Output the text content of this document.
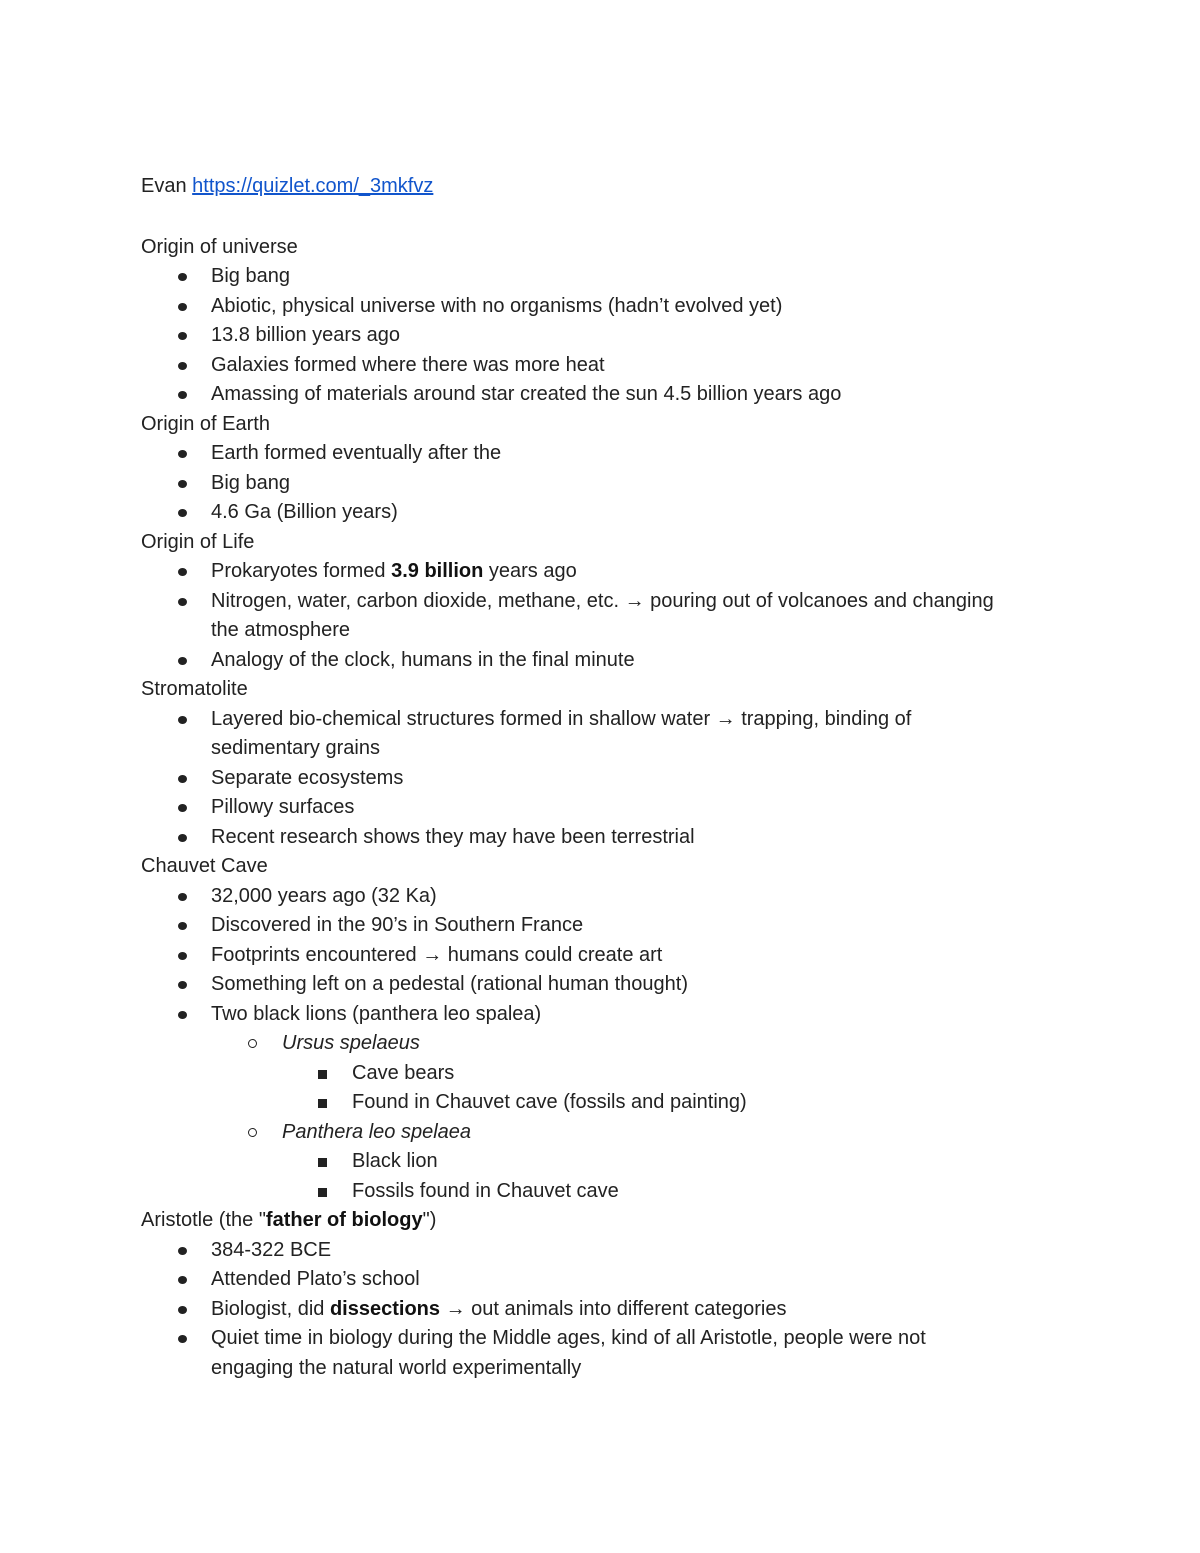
Evan https://quizlet.com/_3mkfvz
Origin of universe
Big bang
Abiotic, physical universe with no organisms (hadn’t evolved yet)
13.8 billion years ago
Galaxies formed where there was more heat
Amassing of materials around star created the sun 4.5 billion years ago
Origin of Earth
Earth formed eventually after the
Big bang
4.6 Ga (Billion years)
Origin of Life
Prokaryotes formed 3.9 billion years ago
Nitrogen, water, carbon dioxide, methane, etc. → pouring out of volcanoes and changing
the atmosphere
Analogy of the clock, humans in the final minute
Stromatolite
Layered bio-chemical structures formed in shallow water → trapping, binding of
sedimentary grains
Separate ecosystems
Pillowy surfaces
Recent research shows they may have been terrestrial
Chauvet Cave
32,000 years ago (32 Ka)
Discovered in the 90’s in Southern France
Footprints encountered → humans could create art
Something left on a pedestal (rational human thought)
Two black lions (panthera leo spalea)
Ursus spelaeus
Cave bears
Found in Chauvet cave (fossils and painting)
Panthera leo spelaea
Black lion
Fossils found in Chauvet cave
Aristotle (the "father of biology")
384-322 BCE
Attended Plato’s school
Biologist, did dissections → out animals into different categories
Quiet time in biology during the Middle ages, kind of all Aristotle, people were not
engaging the natural world experimentally
